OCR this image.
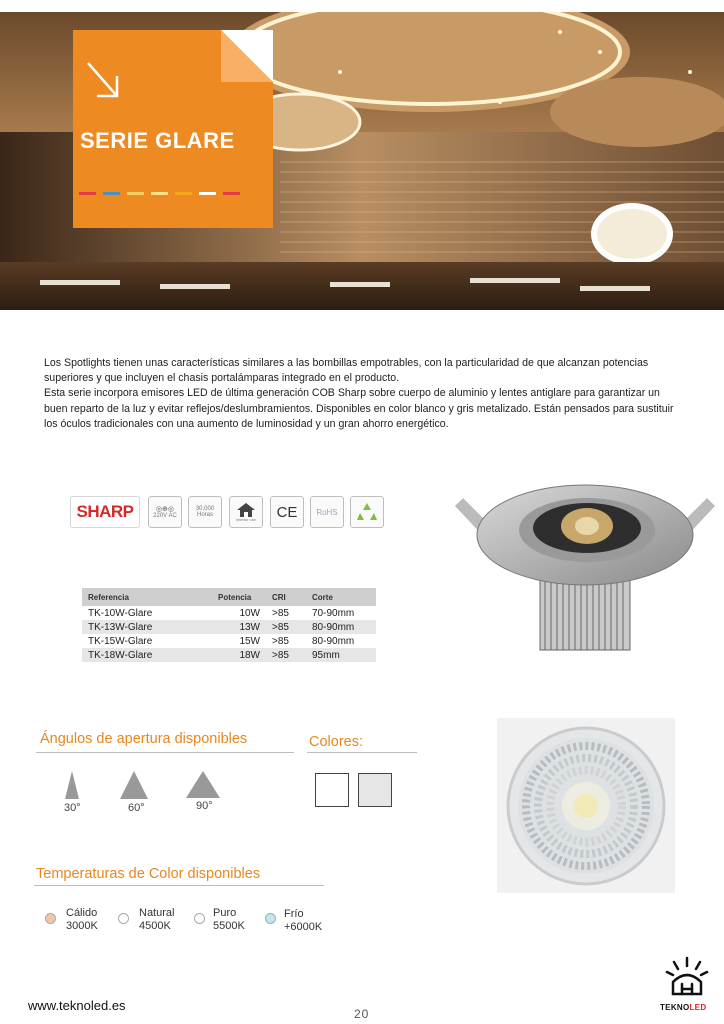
SERIE GLARE

Los Spotlights tienen unas características similares a las bombillas empotrables, con la particularidad de que alcanzan potencias superiores y que incluyen el chasis portalámparas integrado en el producto.

Esta serie incorpora emisores LED de última generación COB Sharp sobre cuerpo de aluminio y lentes antiglare para garantizar un buen reparto de la luz y evitar reflejos/deslumbramientos. Disponibles en color blanco y gris metalizado. Están pensados para sustituir los óculos tradicionales con una aumento de luminosidad y un gran ahorro energético.

SHARP	◎⊕◎
220V AC
30,000
Horas
Interior use CE RoHS
Referencia	Potencia	CRI	Corte
TK-10W-Glare	10W	>85	70-90mm
TK-13W-Glare	13W	>85	80-90mm
TK-15W-Glare	15W	>85	80-90mm
TK-18W-Glare	18W	>85	95mm
Ángulos de apertura disponibles
30°	60°	90°
Colores:
Temperaturas de Color disponibles
Cálido
3000K
Natural
4500K
Puro
5500K
Frío
+6000K
TEKNOLED
www.teknoled.es
20
